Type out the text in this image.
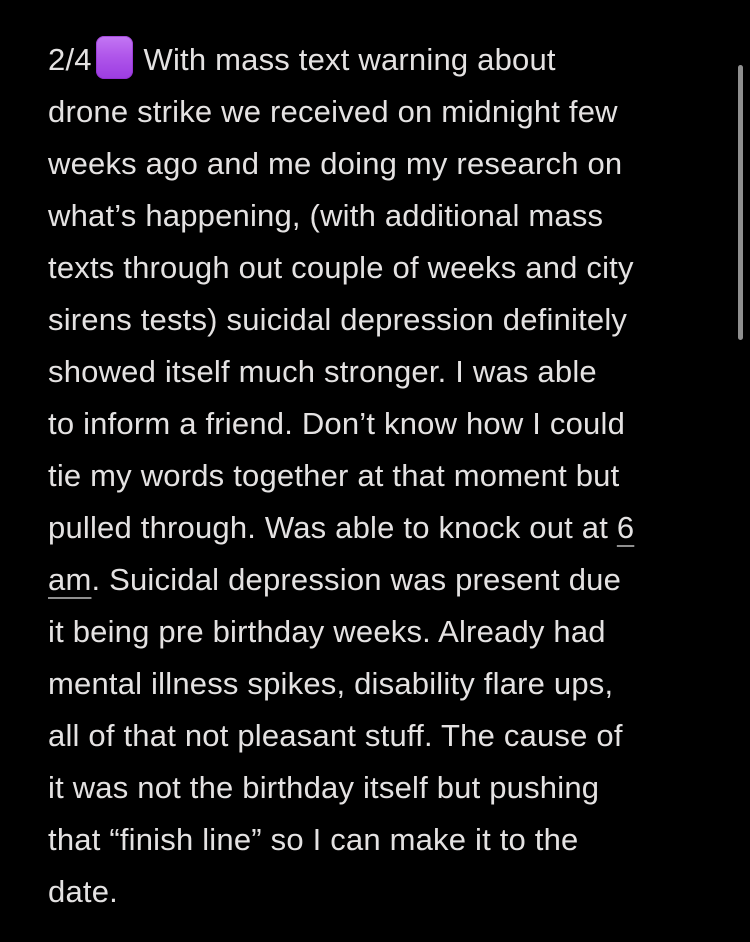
2/4 With mass text warning about
drone strike we received on midnight few
weeks ago and me doing my research on
what’s happening, (with additional mass
texts through out couple of weeks and city
sirens tests) suicidal depression definitely
showed itself much stronger. I was able
to inform a friend. Don’t know how I could
tie my words together at that moment but
pulled through. Was able to knock out at 6
am. Suicidal depression was present due
it being pre birthday weeks. Already had
mental illness spikes, disability flare ups,
all of that not pleasant stuff. The cause of
it was not the birthday itself but pushing
that “finish line” so I can make it to the
date.
